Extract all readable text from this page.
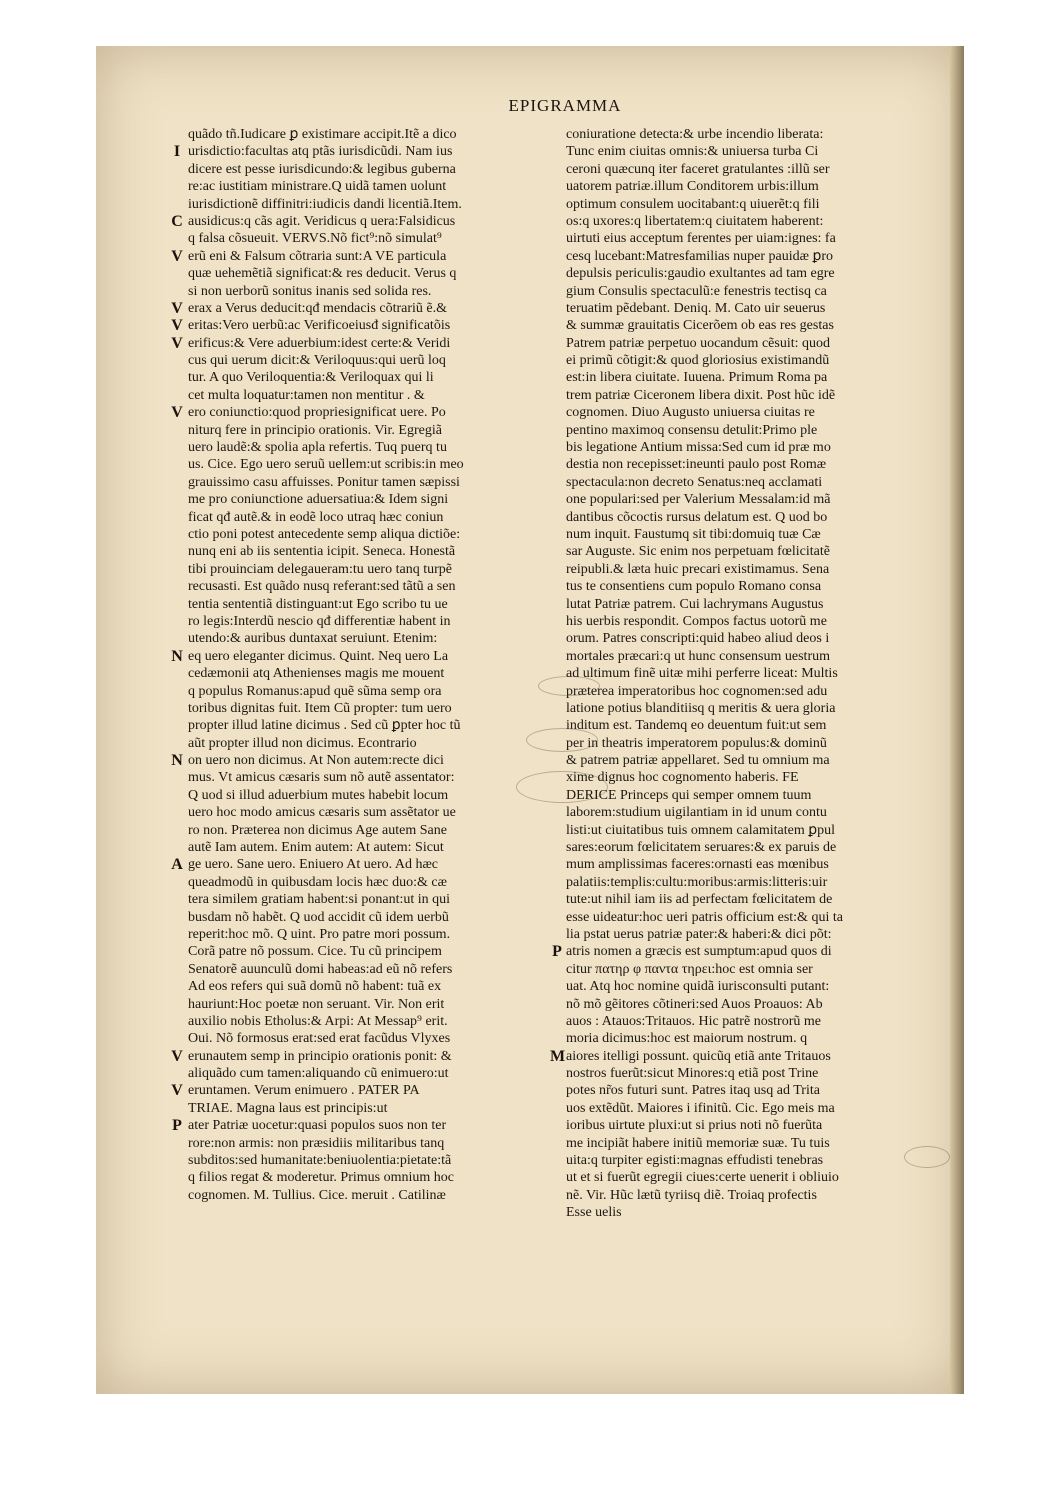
EPIGRAMMA
quãdo tñ.Iudicare ꝑ existimare accipit.Itẽ a dico
I urisdictio:facultas atq ptãs iurisdicũdi. Nam ius
dicere est pesse iurisdicundo:& legibus guberna
re:ac iustitiam ministrare.Q uidã tamen uolunt
iurisdictionẽ diffinitri:iudicis dandi licentiã.Item.
C ausidicus:q cãs agit. Veridicus q uera:Falsidicus
q falsa cõsueuit. VERVS.Nõ fict⁹:nõ simulat⁹
V erũ eni & Falsum cõtraria sunt:A VE particula
quæ uehemẽtiã significat:& res deducit. Verus q
si non uerborũ sonitus inanis sed solida res.
V erax a Verus deducit:qđ mendacis cõtrariũ ẽ.&
V eritas:Vero uerbũ:ac Verificoeiusđ significatõis
V erificus:& Vere aduerbium:idest certe:& Veridi
cus qui uerum dicit:& Veriloquus:qui uerũ loq
tur. A quo Veriloquentia:& Veriloquax qui li
cet multa loquatur:tamen non mentitur . &
V ero coniunctio:quod propriesignificat uere. Po
niturq fere in principio orationis. Vir. Egregiã
uero laudẽ:& spolia apla refertis. Tuq puerq tu
us. Cice. Ego uero seruũ uellem:ut scribis:in meo
grauissimo casu affuisses. Ponitur tamen sæpissi
me pro coniunctione aduersatiua:& Idem signi
ficat qđ autẽ.& in eodẽ loco utraq hæc coniun
ctio poni potest antecedente semp aliqua dictiõe:
nunq eni ab iis sententia icipit. Seneca. Honestã
tibi prouinciam delegaueram:tu uero tanq turpẽ
recusasti. Est quãdo nusq referant:sed tãtũ a sen
tentia sententiã distinguant:ut Ego scribo tu ue
ro legis:Interdũ nescio qđ differentiæ habent in
utendo:& auribus duntaxat seruiunt. Etenim:
N eq uero eleganter dicimus. Quint. Neq uero La
cedæmonii atq Athenienses magis me mouent
q populus Romanus:apud quẽ sũma semp ora
toribus dignitas fuit. Item Cũ propter: tum uero
propter illud latine dicimus . Sed cũ ꝑpter hoc tũ
aũt propter illud non dicimus. Econtrario
N on uero non dicimus. At Non autem:recte dici
mus. Vt amicus cæsaris sum nõ autẽ assentator:
Q uod si illud aduerbium mutes habebit locum
uero hoc modo amicus cæsaris sum assẽtator ue
ro non. Præterea non dicimus Age autem Sane
autẽ Iam autem. Enim autem: At autem: Sicut
A ge uero. Sane uero. Eniuero At uero. Ad hæc
queadmodũ in quibusdam locis hæc duo:& cæ
tera similem gratiam habent:si ponant:ut in qui
busdam nõ habẽt. Q uod accidit cũ idem uerbũ
reperit:hoc mõ. Q uint. Pro patre mori possum.
Corã patre nõ possum. Cice. Tu cũ principem
Senatorẽ auunculũ domi habeas:ad eũ nõ refers
Ad eos refers qui suã domũ nõ habent: tuã ex
hauriunt:Hoc poetæ non seruant. Vir. Non erit
auxilio nobis Etholus:& Arpi: At Messap⁹ erit.
Oui. Nõ formosus erat:sed erat facũdus Vlyxes
V erunautem semp in principio orationis ponit: &
aliquãdo cum tamen:aliquando cũ enimuero:ut
V eruntamen. Verum enimuero . PATER PA
TRIAE. Magna laus est principis:ut
P ater Patriæ uocetur:quasi populos suos non ter
rore:non armis: non præsidiis militaribus tanq
subditos:sed humanitate:beniuolentia:pietate:tã
q filios regat & moderetur. Primus omnium hoc
cognomen. M. Tullius. Cice. meruit . Catilinæ
coniuratione detecta:& urbe incendio liberata:
Tunc enim ciuitas omnis:& uniuersa turba Ci
ceroni quæcunq iter faceret gratulantes :illũ ser
uatorem patriæ.illum Conditorem urbis:illum
optimum consulem uocitabant:q uiuerẽt:q fili
os:q uxores:q libertatem:q ciuitatem haberent:
uirtuti eius acceptum ferentes per uiam:ignes: fa
cesq lucebant:Matresfamilias nuper pauidæ ꝑro
depulsis periculis:gaudio exultantes ad tam egre
gium Consulis spectaculũ:e fenestris tectisq ca
teruatim pẽdebant. Deniq. M. Cato uir seuerus
& summæ grauitatis Cicerõem ob eas res gestas
Patrem patriæ perpetuo uocandum cẽsuit: quod
ei primũ cõtigit:& quod gloriosius existimandũ
est:in libera ciuitate. Iuuena. Primum Roma pa
trem patriæ Ciceronem libera dixit. Post hũc idẽ
cognomen. Diuo Augusto uniuersa ciuitas re
pentino maximoq consensu detulit:Primo ple
bis legatione Antium missa:Sed cum id præ mo
destia non recepisset:ineunti paulo post Romæ
spectacula:non decreto Senatus:neq acclamati
one populari:sed per Valerium Messalam:id mã
dantibus cõcoctis rursus delatum est. Q uod bo
num inquit. Faustumq sit tibi:domuiq tuæ Cæ
sar Auguste. Sic enim nos perpetuam fœlicitatẽ
reipubli.& læta huic precari existimamus. Sena
tus te consentiens cum populo Romano consa
lutat Patriæ patrem. Cui lachrymans Augustus
his uerbis respondit. Compos factus uotorũ me
orum. Patres conscripti:quid habeo aliud deos i
mortales præcari:q ut hunc consensum uestrum
ad ultimum finẽ uitæ mihi perferre liceat: Multis
præterea imperatoribus hoc cognomen:sed adu
latione potius blanditiisq q meritis & uera gloria
inditum est. Tandemq eo deuentum fuit:ut sem
per in theatris imperatorem populus:& dominũ
& patrem patriæ appellaret. Sed tu omnium ma
xime dignus hoc cognomento haberis. FE
DERICE Princeps qui semper omnem tuum
laborem:studium uigilantiam in id unum contu
listi:ut ciuitatibus tuis omnem calamitatem ꝑpul
sares:eorum fœlicitatem seruares:& ex paruis de
mum amplissimas faceres:ornasti eas mœnibus
palatiis:templis:cultu:moribus:armis:litteris:uir
tute:ut nihil iam iis ad perfectam fœlicitatem de
esse uideatur:hoc ueri patris officium est:& qui ta
lia pstat uerus patriæ pater:& haberi:& dici põt:
P atris nomen a græcis est sumptum:apud quos di
citur πατηρ φ παντα τηρει:hoc est omnia ser
uat. Atq hoc nomine quidã iurisconsulti putant:
nõ mõ gẽitores cõtineri:sed Auos Proauos: Ab
auos : Atauos:Tritauos. Hic patrẽ nostrorũ me
moria dicimus:hoc est maiorum nostrum. q
M aiores itelligi possunt. quicũq etiã ante Tritauos
nostros fuerũt:sicut Minores:q etiã post Trine
potes nr̃os futuri sunt. Patres itaq usq ad Trita
uos extẽdũt. Maiores i ifinitũ. Cic. Ego meis ma
ioribus uirtute pluxi:ut si prius noti nõ fuerũta
me incipiãt habere initiũ memoriæ suæ. Tu tuis
uita:q turpiter egisti:magnas effudisti tenebras
ut et si fuerũt egregii ciues:certe uenerit i obliuio
nẽ. Vir. Hũc lætũ tyriisq diẽ. Troiaq profectis
Esse uelis
